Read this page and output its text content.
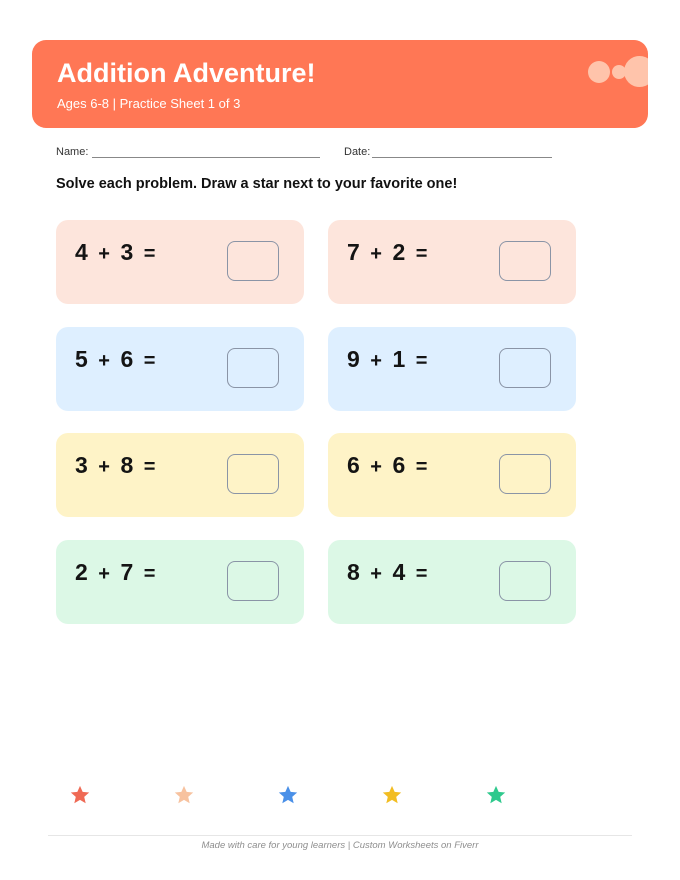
Addition Adventure!
Ages 6-8 | Practice Sheet 1 of 3
Name:	Date:
Solve each problem. Draw a star next to your favorite one!
4 + 3 =	7 + 2 =
5 + 6 =	9 + 1 =
3 + 8 =	6 + 6 =
2 + 7 =	8 + 4 =
Made with care for young learners | Custom Worksheets on Fiverr
